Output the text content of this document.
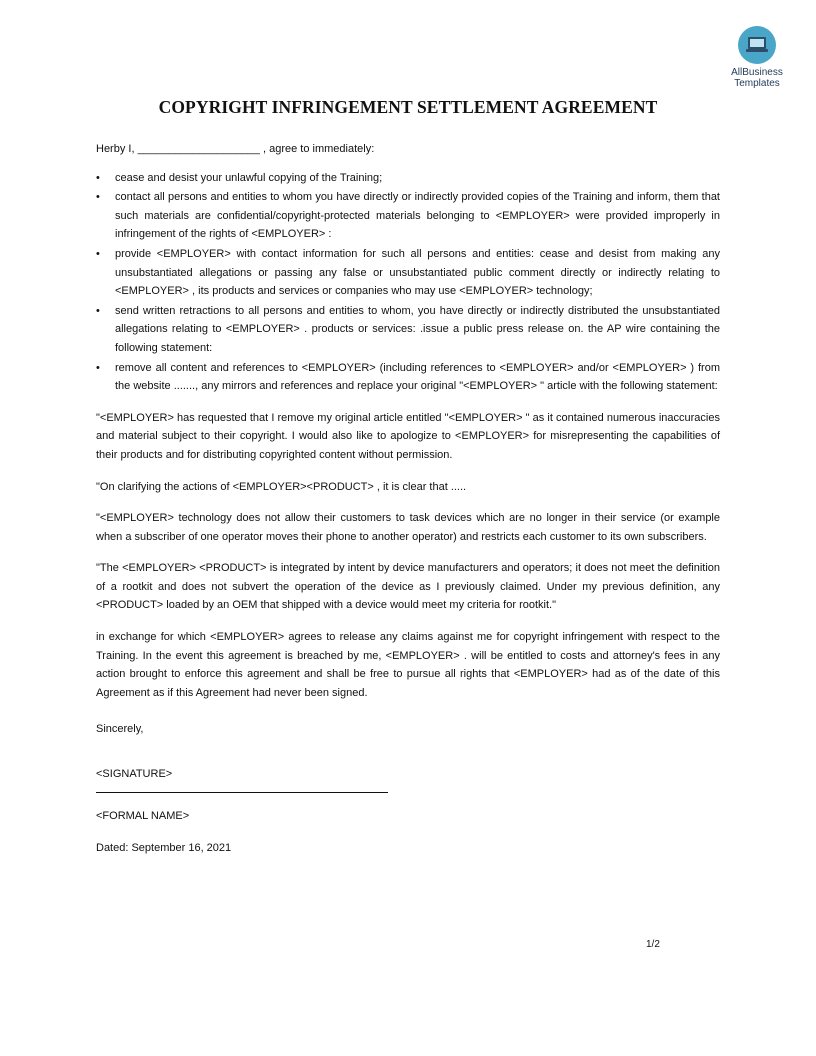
AllBusiness
Templates
COPYRIGHT INFRINGEMENT SETTLEMENT AGREEMENT

Herby I, ____________________ , agree to immediately:

• cease and desist your unlawful copying of the Training;
• contact all persons and entities to whom you have directly or indirectly provided copies of the Training and inform, them that such materials are confidential/copyright-protected materials belonging to <EMPLOYER> were provided improperly in infringement of the rights of <EMPLOYER> :
• provide <EMPLOYER> with contact information for such all persons and entities: cease and desist from making any unsubstantiated allegations or passing any false or unsubstantiated public comment directly or indirectly relating to <EMPLOYER> , its products and services or companies who may use <EMPLOYER> technology;
• send written retractions to all persons and entities to whom, you have directly or indirectly distributed the unsubstantiated allegations relating to <EMPLOYER> . products or services: .issue a public press release on. the AP wire containing the following statement:
• remove all content and references to <EMPLOYER> (including references to <EMPLOYER> and/or <EMPLOYER> ) from the website ......., any mirrors and references and replace your original "<EMPLOYER> " article with the following statement:

"<EMPLOYER> has requested that I remove my original article entitled "<EMPLOYER> " as it contained numerous inaccuracies and material subject to their copyright. I would also like to apologize to <EMPLOYER> for misrepresenting the capabilities of their products and for distributing copyrighted content without permission.

"On clarifying the actions of <EMPLOYER><PRODUCT> , it is clear that .....

"<EMPLOYER> technology does not allow their customers to task devices which are no longer in their service (or example when a subscriber of one operator moves their phone to another operator) and restricts each customer to its own subscribers.

"The <EMPLOYER> <PRODUCT> is integrated by intent by device manufacturers and operators; it does not meet the definition of a rootkit and does not subvert the operation of the device as I previously claimed. Under my previous definition, any <PRODUCT> loaded by an OEM that shipped with a device would meet my criteria for rootkit."

in exchange for which <EMPLOYER> agrees to release any claims against me for copyright infringement with respect to the Training. In the event this agreement is breached by me, <EMPLOYER> . will be entitled to costs and attorney's fees in any action brought to enforce this agreement and shall be free to pursue all rights that <EMPLOYER> had as of the date of this Agreement as if this Agreement had never been signed.

Sincerely,

<SIGNATURE>

<FORMAL NAME>

Dated: September 16, 2021

1/2
